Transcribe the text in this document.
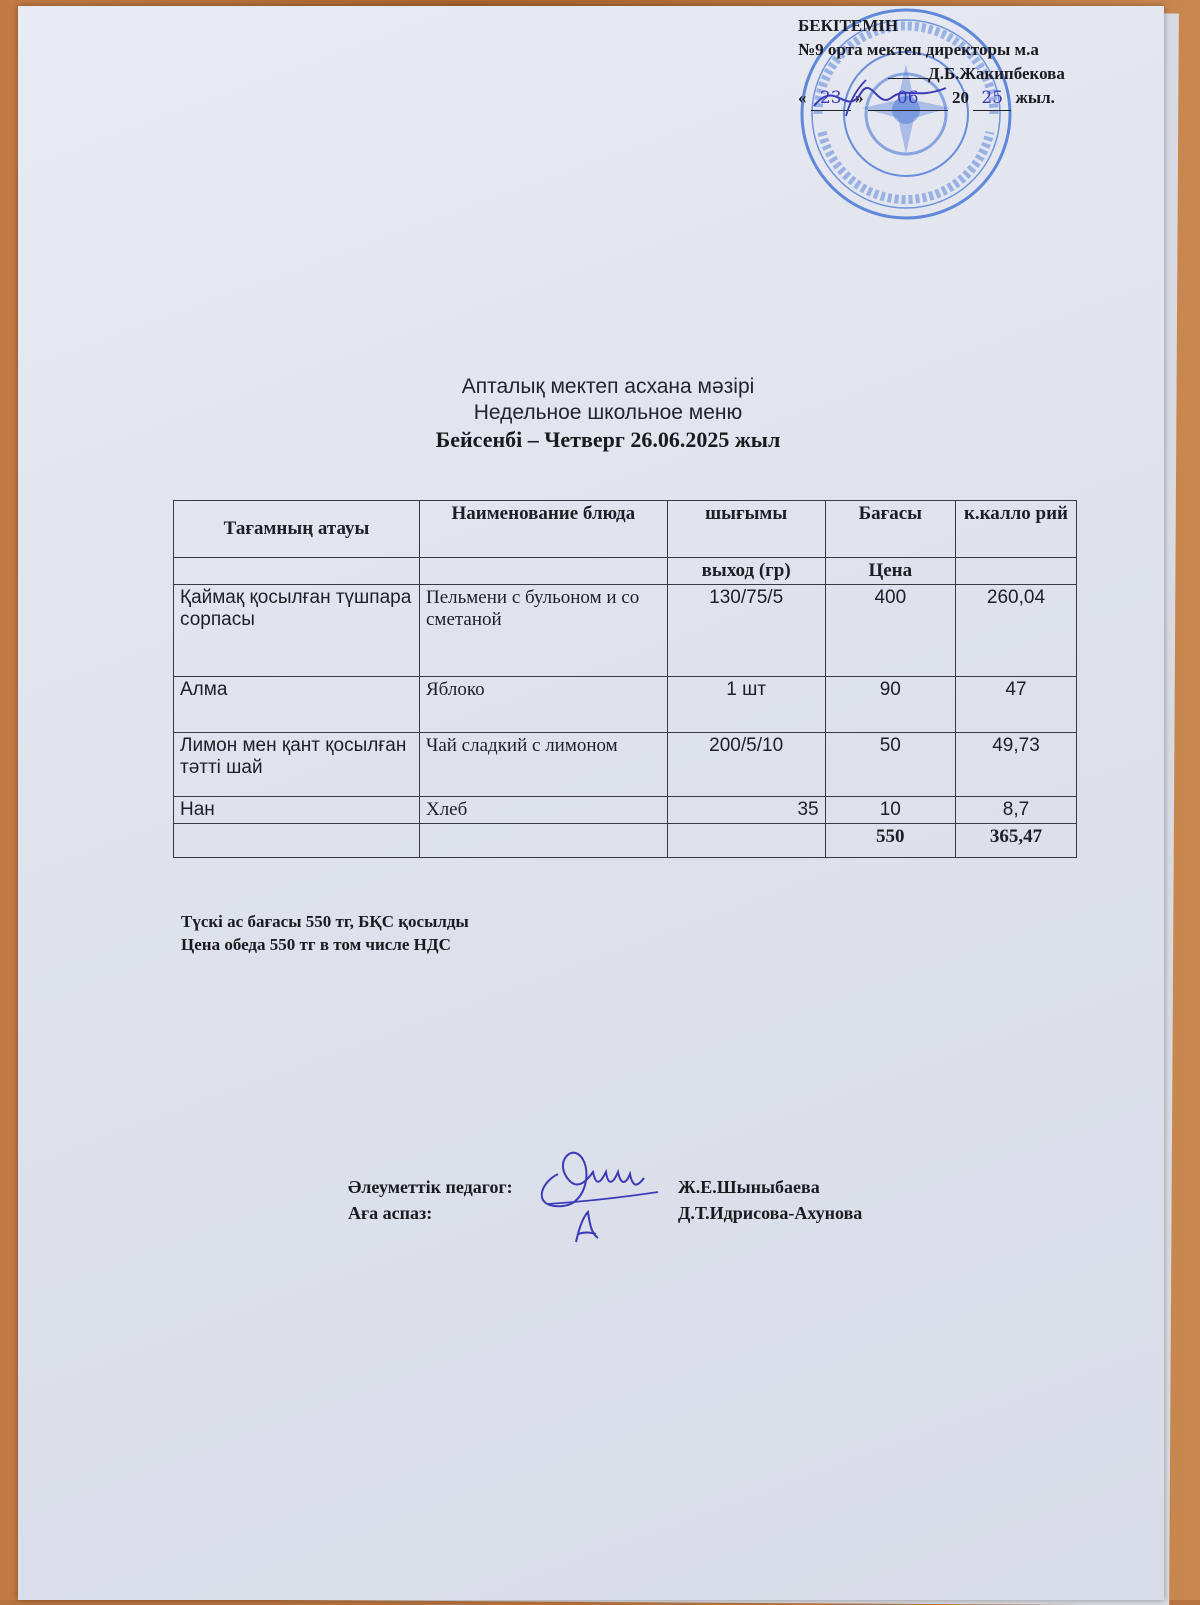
БЕКІТЕМІН
№9 орта мектеп директоры м.а
Д.Б.Жакипбекова
« 23 » 06 20 25 жыл.
Апталық мектеп асхана мәзірі
Недельное школьное меню
Бейсенбі – Четверг 26.06.2025 жыл
Тағамның атауы	Наименование блюда	шығымы	Бағасы	к.калло рий
		выход (гр)	Цена	
Қаймақ қосылған түшпара сорпасы	Пельмени с бульоном и со сметаной	130/75/5	400	260,04
Алма	Яблоко	1 шт	90	47
Лимон мен қант қосылған тәтті шай	Чай сладкий с лимоном	200/5/10	50	49,73
Нан	Хлеб	35	10	8,7
			550	365,47
Түскі ас бағасы 550 тг, БҚС қосылды
Цена обеда 550 тг в том числе НДС
Әлеуметтік педагог:	Ж.Е.Шыныбаева
Аға аспаз:	Д.Т.Идрисова-Ахунова
